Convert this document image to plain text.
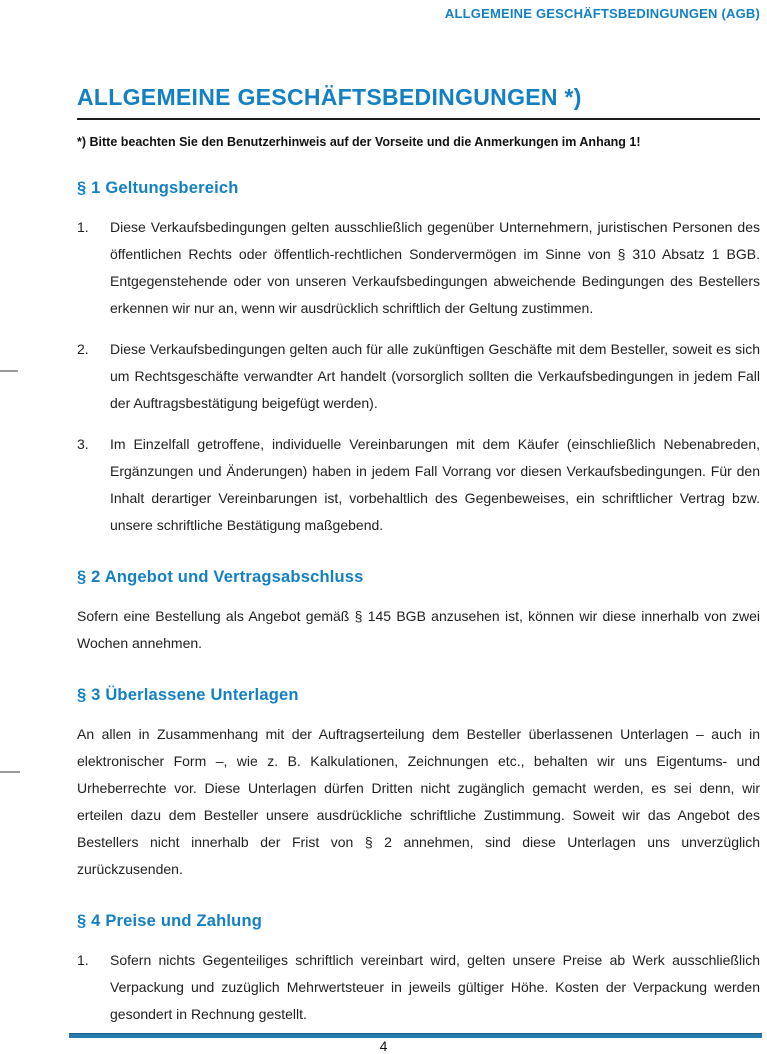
ALLGEMEINE GESCHÄFTSBEDINGUNGEN (AGB)
ALLGEMEINE GESCHÄFTSBEDINGUNGEN *)

*) Bitte beachten Sie den Benutzerhinweis auf der Vorseite und die Anmerkungen im Anhang 1!

§ 1 Geltungsbereich
1.	Diese Verkaufsbedingungen gelten ausschließlich gegenüber Unternehmern, juristischen Personen des öffentlichen Rechts oder öffentlich-rechtlichen Sondervermögen im Sinne von § 310 Absatz 1 BGB. Entgegenstehende oder von unseren Verkaufsbedingungen abweichende Bedingungen des Bestellers erkennen wir nur an, wenn wir ausdrücklich schriftlich der Geltung zustimmen.
2.	Diese Verkaufsbedingungen gelten auch für alle zukünftigen Geschäfte mit dem Besteller, soweit es sich um Rechtsgeschäfte verwandter Art handelt (vorsorglich sollten die Verkaufsbedingungen in jedem Fall der Auftragsbestätigung beigefügt werden).
3.	Im Einzelfall getroffene, individuelle Vereinbarungen mit dem Käufer (einschließlich Nebenabreden, Ergänzungen und Änderungen) haben in jedem Fall Vorrang vor diesen Verkaufsbedingungen. Für den Inhalt derartiger Vereinbarungen ist, vorbehaltlich des Gegenbeweises, ein schriftlicher Vertrag bzw. unsere schriftliche Bestätigung maßgebend.
§ 2 Angebot und Vertragsabschluss
Sofern eine Bestellung als Angebot gemäß § 145 BGB anzusehen ist, können wir diese innerhalb von zwei Wochen annehmen.
§ 3 Überlassene Unterlagen
An allen in Zusammenhang mit der Auftragserteilung dem Besteller überlassenen Unterlagen – auch in elektronischer Form –, wie z. B. Kalkulationen, Zeichnungen etc., behalten wir uns Eigentums- und Urheberrechte vor. Diese Unterlagen dürfen Dritten nicht zugänglich gemacht werden, es sei denn, wir erteilen dazu dem Besteller unsere ausdrückliche schriftliche Zustimmung. Soweit wir das Angebot des Bestellers nicht innerhalb der Frist von § 2 annehmen, sind diese Unterlagen uns unverzüglich zurückzusenden.
§ 4 Preise und Zahlung
1.	Sofern nichts Gegenteiliges schriftlich vereinbart wird, gelten unsere Preise ab Werk ausschließlich Verpackung und zuzüglich Mehrwertsteuer in jeweils gültiger Höhe. Kosten der Verpackung werden gesondert in Rechnung gestellt.
4
